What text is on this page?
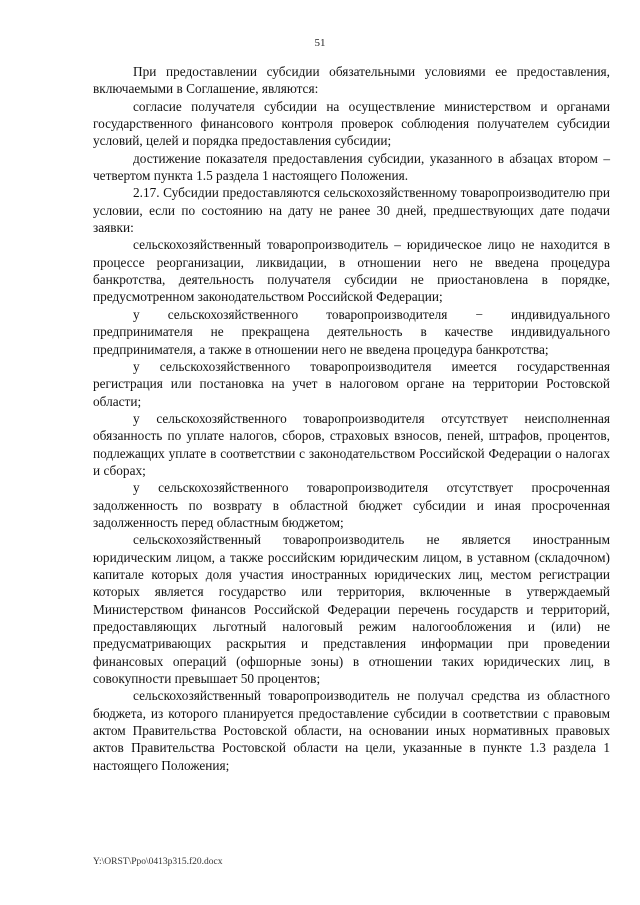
51

При предоставлении субсидии обязательными условиями ее предоставления, включаемыми в Соглашение, являются:

согласие получателя субсидии на осуществление министерством и органами государственного финансового контроля проверок соблюдения получателем субсидии условий, целей и порядка предоставления субсидии;

достижение показателя предоставления субсидии, указанного в абзацах втором – четвертом пункта 1.5 раздела 1 настоящего Положения.

2.17. Субсидии предоставляются сельскохозяйственному товаропроизводителю при условии, если по состоянию на дату не ранее 30 дней, предшествующих дате подачи заявки:

сельскохозяйственный товаропроизводитель – юридическое лицо не находится в процессе реорганизации, ликвидации, в отношении него не введена процедура банкротства, деятельность получателя субсидии не приостановлена в порядке, предусмотренном законодательством Российской Федерации;

у сельскохозяйственного товаропроизводителя − индивидуального предпринимателя не прекращена деятельность в качестве индивидуального предпринимателя, а также в отношении него не введена процедура банкротства;

у сельскохозяйственного товаропроизводителя имеется государственная регистрация или постановка на учет в налоговом органе на территории Ростовской области;

у сельскохозяйственного товаропроизводителя отсутствует неисполненная обязанность по уплате налогов, сборов, страховых взносов, пеней, штрафов, процентов, подлежащих уплате в соответствии с законодательством Российской Федерации о налогах и сборах;

у сельскохозяйственного товаропроизводителя отсутствует просроченная задолженность по возврату в областной бюджет субсидии и иная просроченная задолженность перед областным бюджетом;

сельскохозяйственный товаропроизводитель не является иностранным юридическим лицом, а также российским юридическим лицом, в уставном (складочном) капитале которых доля участия иностранных юридических лиц, местом регистрации которых является государство или территория, включенные в утверждаемый Министерством финансов Российской Федерации перечень государств и территорий, предоставляющих льготный налоговый режим налогообложения и (или) не предусматривающих раскрытия и представления информации при проведении финансовых операций (офшорные зоны) в отношении таких юридических лиц, в совокупности превышает 50 процентов;

сельскохозяйственный товаропроизводитель не получал средства из областного бюджета, из которого планируется предоставление субсидии в соответствии с правовым актом Правительства Ростовской области, на основании иных нормативных правовых актов Правительства Ростовской области на цели, указанные в пункте 1.3 раздела 1 настоящего Положения;

Y:\ORST\Ppo\0413p315.f20.docx
